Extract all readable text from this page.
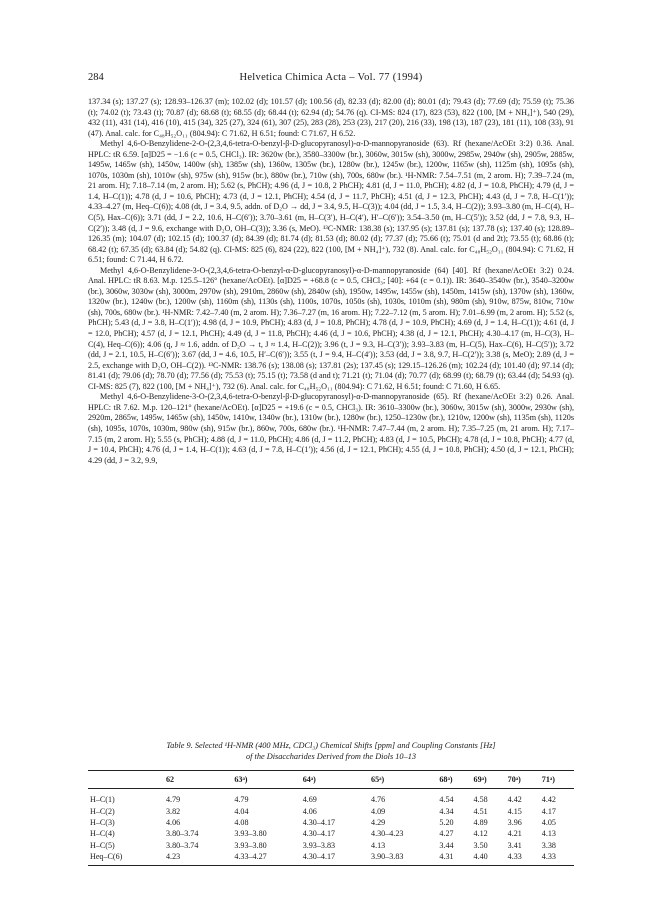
284	Helvetica Chimica Acta – Vol. 77 (1994)

137.34 (s); 137.27 (s); 128.93–126.37 (m); 102.02 (d); 101.57 (d); 100.56 (d), 82.33 (d); 82.00 (d); 80.01 (d); 79.43 (d); 77.69 (d); 75.59 (t); 75.36 (t); 74.02 (t); 73.43 (t); 70.87 (d); 68.68 (t); 68.55 (d); 68.44 (t); 62.94 (d); 54.76 (q). CI-MS: 824 (17), 823 (53), 822 (100, [M + NH₄]⁺), 540 (29), 432 (11), 431 (14), 416 (10), 415 (34), 325 (27), 324 (61), 307 (25), 283 (28), 253 (23), 217 (20), 216 (33), 198 (13), 187 (23), 181 (11), 108 (33), 91 (47). Anal. calc. for C₄₈H₅₂O₁₁ (804.94): C 71.62, H 6.51; found: C 71.67, H 6.52.

Methyl 4,6-O-Benzylidene-2-O-(2,3,4,6-tetra-O-benzyl-β-D-glucopyranosyl)-α-D-mannopyranoside (63). Rf (hexane/AcOEt 3:2) 0.36. Anal. HPLC: tR 6.59. [α]D25 = −1.6 (c = 0.5, CHCl₃). IR: 3620w (br.), 3580–3300w (br.), 3060w, 3015w (sh), 3000w, 2985w, 2940w (sh), 2905w, 2885w, 1495w, 1465w (sh), 1450w, 1400w (sh), 1385w (sh), 1360w, 1305w (br.), 1280w (br.), 1245w (br.), 1200w, 1165w (sh), 1125m (sh), 1095s (sh), 1070s, 1030m (sh), 1010w (sh), 975w (sh), 915w (br.), 880w (br.), 710w (sh), 700s, 680w (br.). ¹H-NMR: 7.54–7.51 (m, 2 arom. H); 7.39–7.24 (m, 21 arom. H); 7.18–7.14 (m, 2 arom. H); 5.62 (s, PhCH); 4.96 (d, J = 10.8, 2 PhCH); 4.81 (d, J = 11.0, PhCH); 4.82 (d, J = 10.8, PhCH); 4.79 (d, J = 1.4, H–C(1)); 4.78 (d, J = 10.6, PhCH); 4.73 (d, J = 12.1, PhCH); 4.54 (d, J = 11.7, PhCH); 4.51 (d, J = 12.3, PhCH); 4.43 (d, J = 7.8, H–C(1′)); 4.33–4.27 (m, Heq–C(6)); 4.08 (dt, J = 3.4, 9.5, addn. of D₂O → dd, J = 3.4, 9.5, H–C(3)); 4.04 (dd, J = 1.5, 3.4, H–C(2)); 3.93–3.80 (m, H–C(4), H–C(5), Hax–C(6)); 3.71 (dd, J = 2.2, 10.6, H–C(6′)); 3.70–3.61 (m, H–C(3′), H–C(4′), H′–C(6′)); 3.54–3.50 (m, H–C(5′)); 3.52 (dd, J = 7.8, 9.3, H–C(2′)); 3.48 (d, J = 9.6, exchange with D₂O, OH–C(3)); 3.36 (s, MeO). ¹³C-NMR: 138.38 (s); 137.95 (s); 137.81 (s); 137.78 (s); 137.40 (s); 128.89–126.35 (m); 104.07 (d); 102.15 (d); 100.37 (d); 84.39 (d); 81.74 (d); 81.53 (d); 80.02 (d); 77.37 (d); 75.66 (t); 75.01 (d and 2t); 73.55 (t); 68.86 (t); 68.42 (t); 67.35 (d); 63.84 (d); 54.82 (q). CI-MS: 825 (6), 824 (22), 822 (100, [M + NH₄]⁺), 732 (8). Anal. calc. for C₄₈H₅₂O₁₁ (804.94): C 71.62, H 6.51; found: C 71.44, H 6.72.

Methyl 4,6-O-Benzylidene-3-O-(2,3,4,6-tetra-O-benzyl-α-D-glucopyranosyl)-α-D-mannopyranoside (64) [40]. Rf (hexane/AcOEt 3:2) 0.24. Anal. HPLC: tR 8.63. M.p. 125.5–126° (hexane/AcOEt). [α]D25 = +68.8 (c = 0.5, CHCl₃; [40]: +64 (c = 0.1)). IR: 3640–3540w (br.), 3540–3200w (br.), 3060w, 3030w (sh), 3000m, 2970w (sh), 2910m, 2860w (sh), 2840w (sh), 1950w, 1495w, 1455w (sh), 1450m, 1415w (sh), 1370w (sh), 1360w, 1320w (br.), 1240w (br.), 1200w (sh), 1160m (sh), 1130s (sh), 1100s, 1070s, 1050s (sh), 1030s, 1010m (sh), 980m (sh), 910w, 875w, 810w, 710w (sh), 700s, 680w (br.). ¹H-NMR: 7.42–7.40 (m, 2 arom. H); 7.36–7.27 (m, 16 arom. H); 7.22–7.12 (m, 5 arom. H); 7.01–6.99 (m, 2 arom. H); 5.52 (s, PhCH); 5.43 (d, J = 3.8, H–C(1′)); 4.98 (d, J = 10.9, PhCH); 4.83 (d, J = 10.8, PhCH); 4.78 (d, J = 10.9, PhCH); 4.69 (d, J = 1.4, H–C(1)); 4.61 (d, J = 12.0, PhCH); 4.57 (d, J = 12.1, PhCH); 4.49 (d, J = 11.8, PhCH); 4.46 (d, J = 10.6, PhCH); 4.38 (d, J = 12.1, PhCH); 4.30–4.17 (m, H–C(3), H–C(4), Heq–C(6)); 4.06 (q, J ≈ 1.6, addn. of D₂O → t, J ≈ 1.4, H–C(2)); 3.96 (t, J = 9.3, H–C(3′)); 3.93–3.83 (m, H–C(5), Hax–C(6), H–C(5′)); 3.72 (dd, J = 2.1, 10.5, H–C(6′)); 3.67 (dd, J = 4.6, 10.5, H′–C(6′)); 3.55 (t, J = 9.4, H–C(4′)); 3.53 (dd, J = 3.8, 9.7, H–C(2′)); 3.38 (s, MeO); 2.89 (d, J = 2.5, exchange with D₂O, OH–C(2)). ¹³C-NMR: 138.76 (s); 138.08 (s); 137.81 (2s); 137.45 (s); 129.15–126.26 (m); 102.24 (d); 101.40 (d); 97.14 (d); 81.41 (d); 79.06 (d); 78.70 (d); 77.56 (d); 75.53 (t); 75.15 (t); 73.58 (d and t); 71.21 (t); 71.04 (d); 70.77 (d); 68.99 (t); 68.79 (t); 63.44 (d); 54.93 (q). CI-MS: 825 (7), 822 (100, [M + NH₄]⁺), 732 (6). Anal. calc. for C₄₈H₅₂O₁₁ (804.94): C 71.62, H 6.51; found: C 71.60, H 6.65.

Methyl 4,6-O-Benzylidene-3-O-(2,3,4,6-tetra-O-benzyl-β-D-glucopyranosyl)-α-D-mannopyranoside (65). Rf (hexane/AcOEt 3:2) 0.26. Anal. HPLC: tR 7.62. M.p. 120–121° (hexane/AcOEt). [α]D25 = +19.6 (c = 0.5, CHCl₃). IR: 3610–3300w (br.), 3060w, 3015w (sh), 3000w, 2930w (sh), 2920m, 2865w, 1495w, 1465w (sh), 1450w, 1410w, 1340w (br.), 1310w (br.), 1280w (br.), 1250–1230w (br.), 1210w, 1200w (sh), 1135m (sh), 1120s (sh), 1095s, 1070s, 1030m, 980w (sh), 915w (br.), 860w, 700s, 680w (br.). ¹H-NMR: 7.47–7.44 (m, 2 arom. H); 7.35–7.25 (m, 21 arom. H); 7.17–7.15 (m, 2 arom. H); 5.55 (s, PhCH); 4.88 (d, J = 11.0, PhCH); 4.86 (d, J = 11.2, PhCH); 4.83 (d, J = 10.5, PhCH); 4.78 (d, J = 10.8, PhCH); 4.77 (d, J = 10.4, PhCH); 4.76 (d, J = 1.4, H–C(1)); 4.63 (d, J = 7.8, H–C(1′)); 4.56 (d, J = 12.1, PhCH); 4.55 (d, J = 10.8, PhCH); 4.50 (d, J = 12.1, PhCH); 4.29 (dd, J = 3.2, 9.9,

Table 9. Selected ¹H-NMR (400 MHz, CDCl₃) Chemical Shifts [ppm] and Coupling Constants [Hz]
of the Disaccharides Derived from the Diols 10–13
	62	63ᵃ)	64ᵃ)	65ᵃ)	68ᵃ)	69ᵃ)	70ᵃ)	71ᵃ)
H–C(1)	4.79	4.79	4.69	4.76	4.54	4.58	4.42	4.42
H–C(2)	3.82	4.04	4.06	4.09	4.34	4.51	4.15	4.17
H–C(3)	4.06	4.08	4.30–4.17	4.29	5.20	4.89	3.96	4.05
H–C(4)	3.80–3.74	3.93–3.80	4.30–4.17	4.30–4.23	4.27	4.12	4.21	4.13
H–C(5)	3.80–3.74	3.93–3.80	3.93–3.83	4.13	3.44	3.50	3.41	3.38
Heq–C(6)	4.23	4.33–4.27	4.30–4.17	3.90–3.83	4.31	4.40	4.33	4.33
